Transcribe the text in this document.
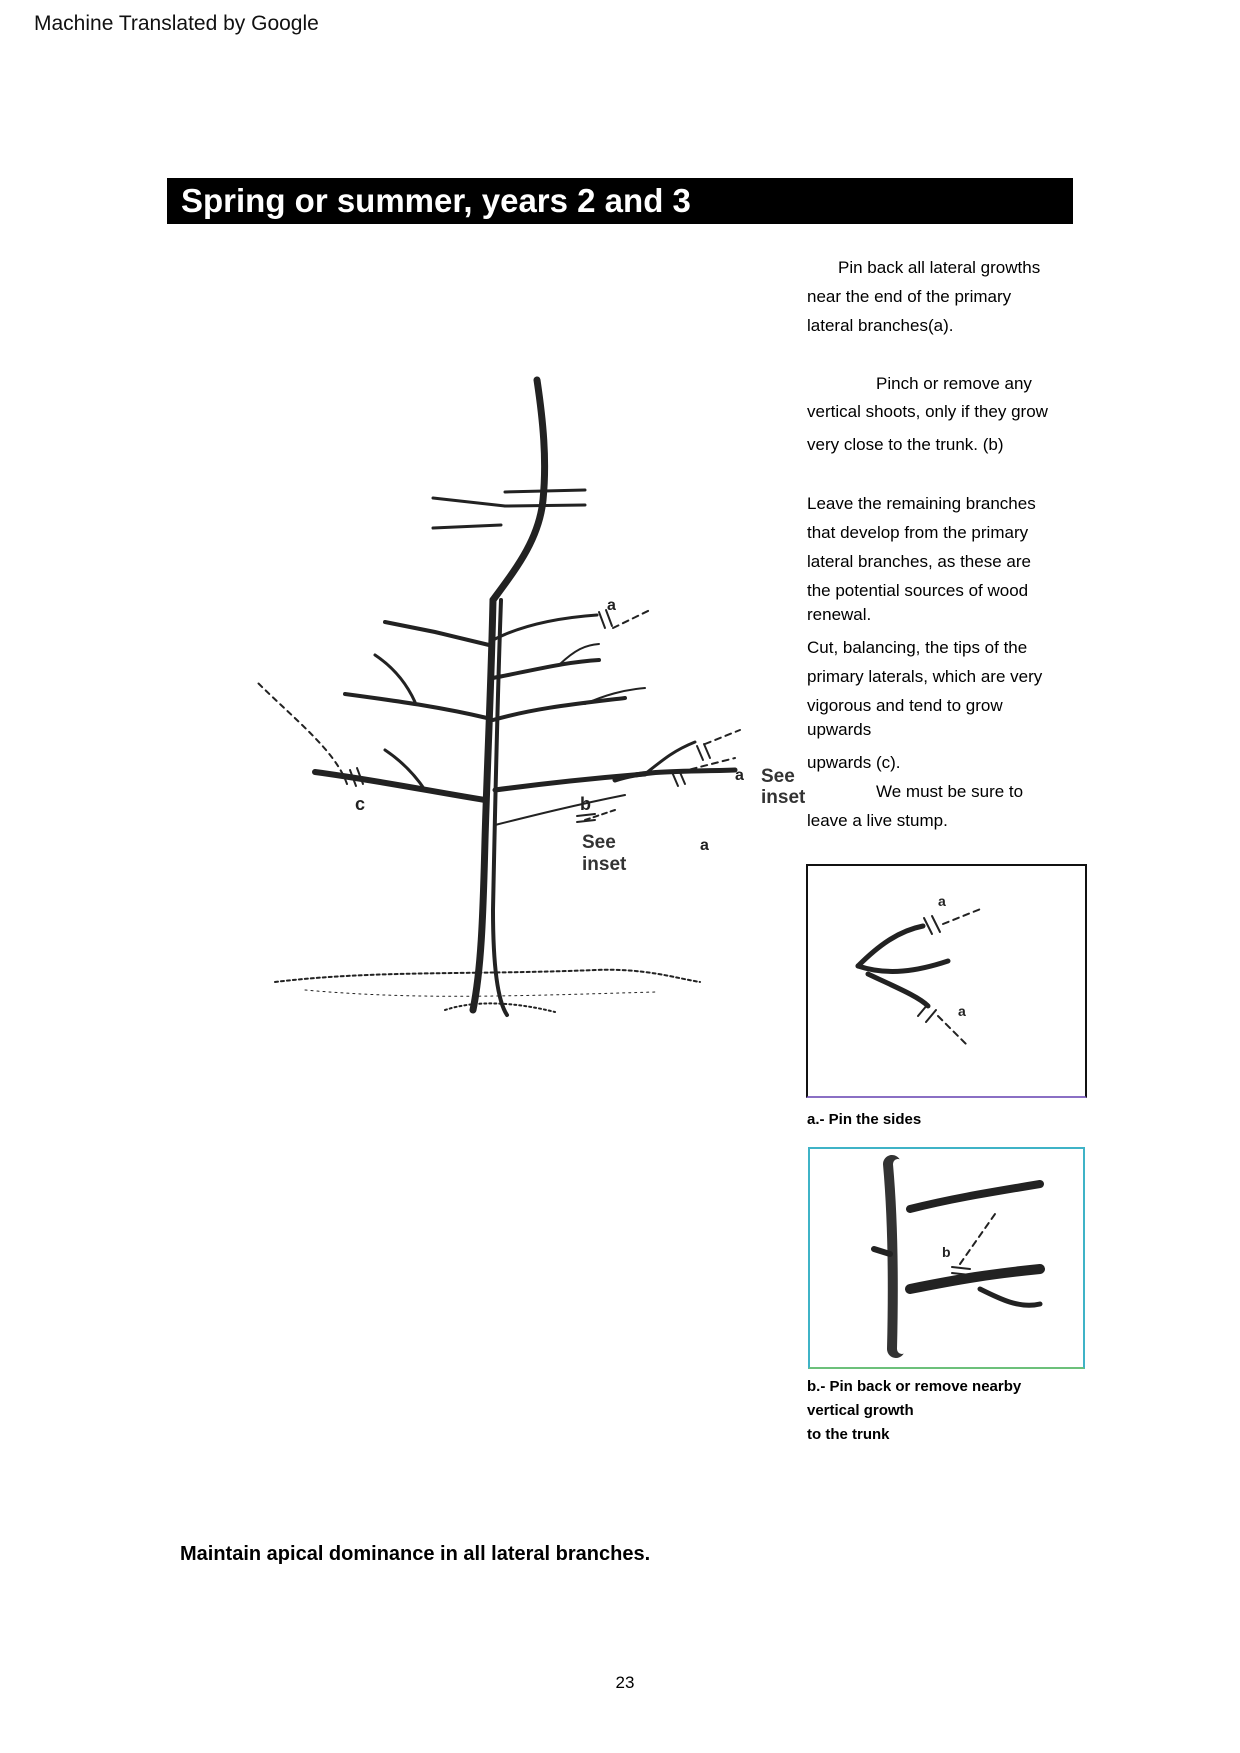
Machine Translated by Google
Spring or summer, years 2 and 3
Pin back all lateral growths
near the end of the primary
lateral branches(a).
Pinch or remove any
vertical shoots, only if they grow
very close to the trunk. (b)
Leave the remaining branches
that develop from the primary
lateral branches, as these are
the potential sources of wood
renewal.
Cut, balancing, the tips of the
primary laterals, which are very
vigorous and tend to grow
upwards
upwards (c).
We must be sure to
leave a live stump.
c
a
a
a
b
See
inset
See
inset
a
a
a.- Pin the sides
b
b.- Pin back or remove nearby
vertical growth
to the trunk
Maintain apical dominance in all lateral branches.
23
